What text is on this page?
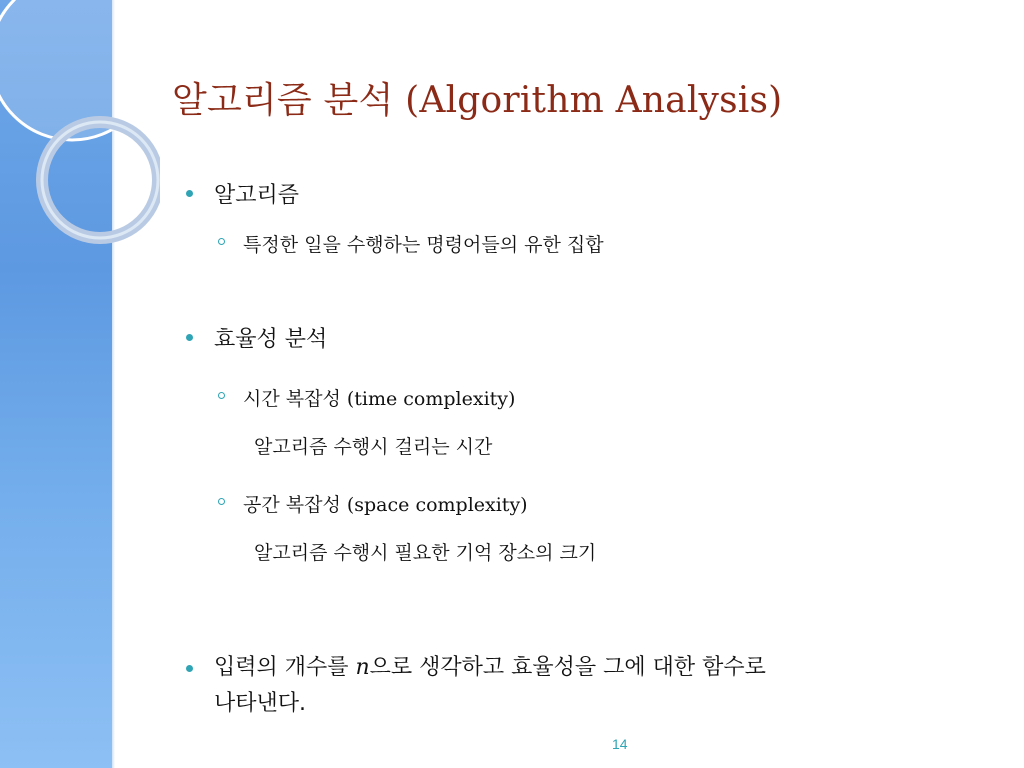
알고리즘 분석 (Algorithm Analysis)
알고리즘
특정한 일을 수행하는 명령어들의 유한 집합
효율성 분석
시간 복잡성 (time complexity)
알고리즘 수행시 걸리는 시간
공간 복잡성 (space complexity)
알고리즘 수행시 필요한 기억 장소의 크기
입력의 개수를 n으로 생각하고 효율성을 그에 대한 함수로
나타낸다.
14
